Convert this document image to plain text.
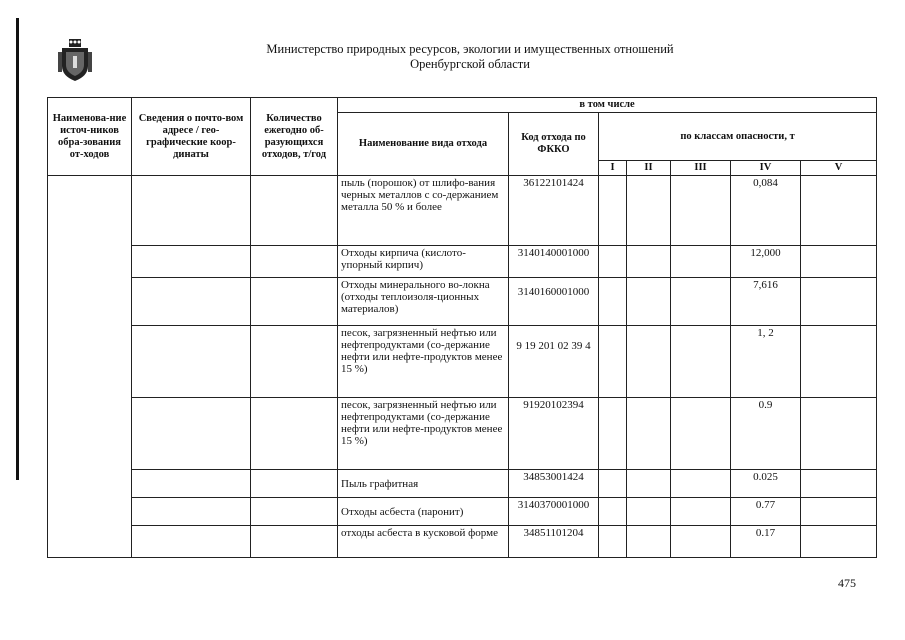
Министерство природных ресурсов, экологии и имущественных отношений
Оренбургской области
Наименова-ние источ-ников обра-зования от-ходов	Сведения о почто-вом адресе / гео-графические коор-динаты	Количество ежегодно об-разующихся отходов, т/год	в том числе						
			Наименование вида отхода	Код отхода по ФККО	по классам опасности, т				
					I	II	III	IV	V
			пыль (порошок) от шлифо-вания черных металлов с со-держанием металла 50 % и более	36122101424				0,084	
			Отходы кирпича (кислото-упорный кирпич)	3140140001000				12,000	
			Отходы минерального во-локна (отходы теплоизоля-ционных материалов)	3140160001000				7,616	
			песок, загрязненный нефтью или нефтепродуктами (со-держание нефти или нефте-продуктов менее 15 %)	9 19 201 02 39 4				1, 2	
			песок, загрязненный нефтью или нефтепродуктами (со-держание нефти или нефте-продуктов менее 15 %)	91920102394				0.9	
			Пыль графитная	34853001424				0.025	
			Отходы асбеста (паронит)	3140370001000				0.77	
			отходы асбеста в кусковой форме	34851101204				0.17	
475
